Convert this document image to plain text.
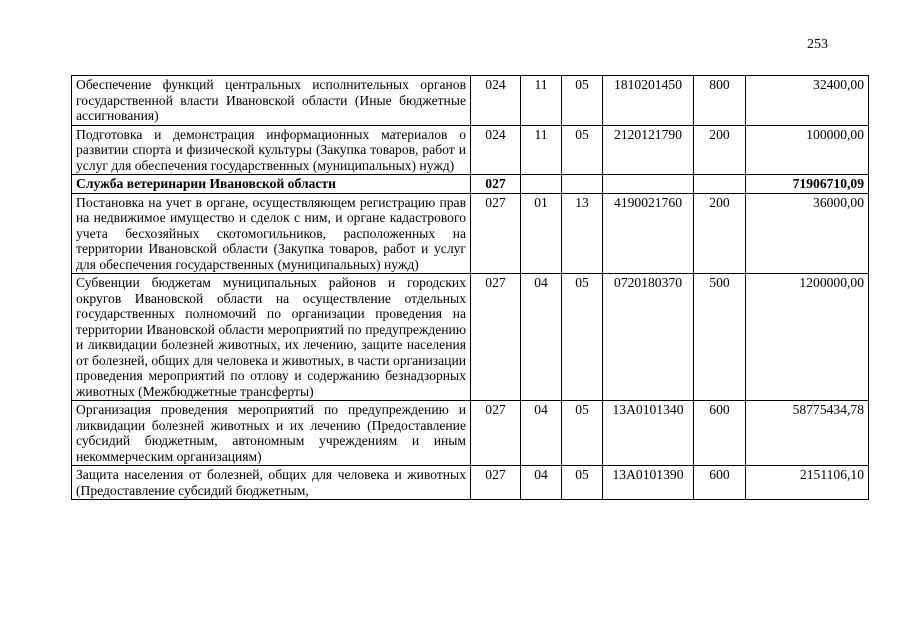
253
Обеспечение функций центральных исполнительных органов государственной власти Ивановской области (Иные бюджетные ассигнования)	024	11	05	1810201450	800	32400,00
Подготовка и демонстрация информационных материалов о развитии спорта и физической культуры (Закупка товаров, работ и услуг для обеспечения государственных (муниципальных) нужд)	024	11	05	2120121790	200	100000,00
Служба ветеринарии Ивановской области	027					71906710,09
Постановка на учет в органе, осуществляющем регистрацию прав на недвижимое имущество и сделок с ним, и органе кадастрового учета бесхозяйных скотомогильников, расположенных на территории Ивановской области (Закупка товаров, работ и услуг для обеспечения государственных (муниципальных) нужд)	027	01	13	4190021760	200	36000,00
Субвенции бюджетам муниципальных районов и городских округов Ивановской области на осуществление отдельных государственных полномочий по организации проведения на территории Ивановской области мероприятий по предупреждению и ликвидации болезней животных, их лечению, защите населения от болезней, общих для человека и животных, в части организации проведения мероприятий по отлову и содержанию безнадзорных животных (Межбюджетные трансферты)	027	04	05	0720180370	500	1200000,00
Организация проведения мероприятий по предупреждению и ликвидации болезней животных и их лечению (Предоставление субсидий бюджетным, автономным учреждениям и иным некоммерческим организациям)	027	04	05	13А0101340	600	58775434,78
Защита населения от болезней, общих для человека и животных (Предоставление субсидий бюджетным,	027	04	05	13А0101390	600	2151106,10
